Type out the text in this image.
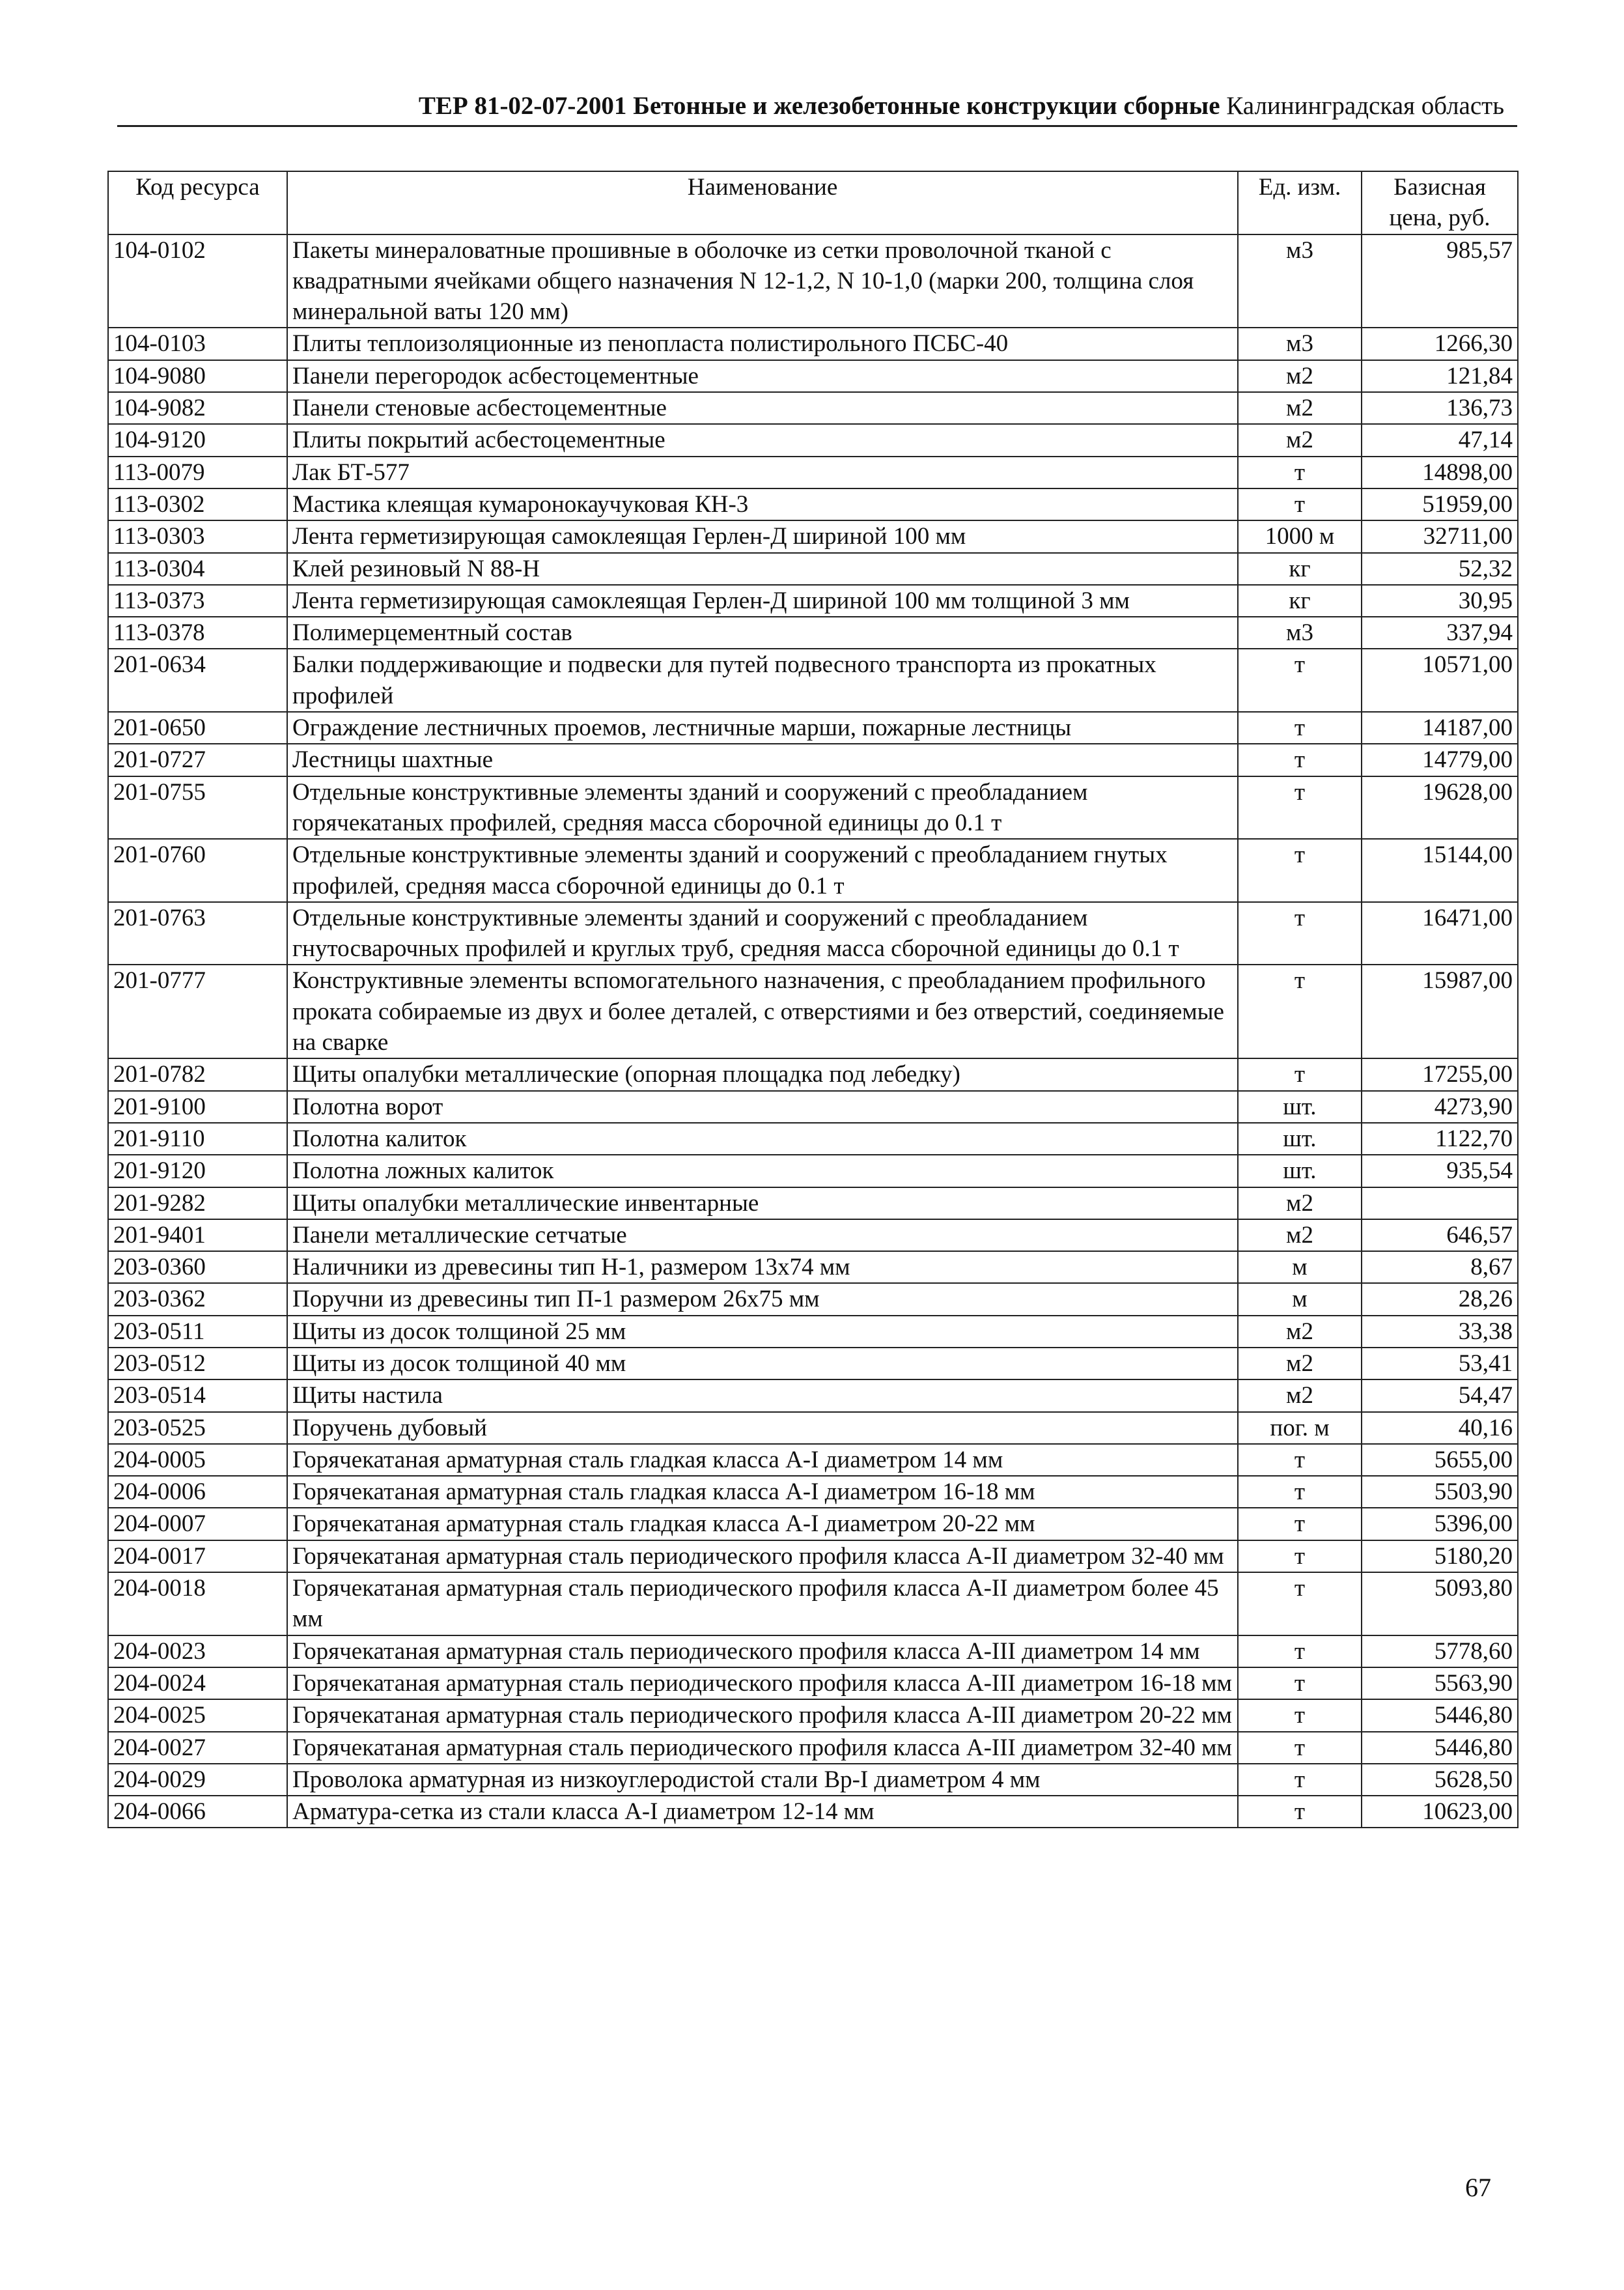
ТЕР 81-02-07-2001 Бетонные и железобетонные конструкции сборные Калининградская область
Код ресурса	Наименование	Ед. изм.	Базисная цена, руб.
104-0102	Пакеты минераловатные прошивные в оболочке из сетки проволочной тканой с квадратными ячейками общего назначения N 12-1,2, N 10-1,0 (марки 200, толщина слоя минеральной ваты 120 мм)	м3	985,57
104-0103	Плиты теплоизоляционные из пенопласта полистирольного ПСБС-40	м3	1266,30
104-9080	Панели перегородок асбестоцементные	м2	121,84
104-9082	Панели стеновые асбестоцементные	м2	136,73
104-9120	Плиты покрытий асбестоцементные	м2	47,14
113-0079	Лак БТ-577	т	14898,00
113-0302	Мастика клеящая кумаронокаучуковая КН-3	т	51959,00
113-0303	Лента герметизирующая самоклеящая Герлен-Д шириной 100 мм	1000 м	32711,00
113-0304	Клей резиновый N 88-Н	кг	52,32
113-0373	Лента герметизирующая самоклеящая Герлен-Д шириной 100 мм толщиной 3 мм	кг	30,95
113-0378	Полимерцементный состав	м3	337,94
201-0634	Балки поддерживающие и подвески для путей подвесного транспорта из прокатных профилей	т	10571,00
201-0650	Ограждение лестничных проемов, лестничные марши, пожарные лестницы	т	14187,00
201-0727	Лестницы шахтные	т	14779,00
201-0755	Отдельные конструктивные элементы зданий и сооружений с преобладанием горячекатаных профилей, средняя масса сборочной единицы до 0.1 т	т	19628,00
201-0760	Отдельные конструктивные элементы зданий и сооружений с преобладанием гнутых профилей, средняя масса сборочной единицы до 0.1 т	т	15144,00
201-0763	Отдельные конструктивные элементы зданий и сооружений с преобладанием гнутосварочных профилей и круглых труб, средняя масса сборочной единицы до 0.1 т	т	16471,00
201-0777	Конструктивные элементы вспомогательного назначения, с преобладанием профильного проката собираемые из двух и более деталей, с отверстиями и без отверстий, соединяемые на сварке	т	15987,00
201-0782	Щиты опалубки металлические (опорная площадка под лебедку)	т	17255,00
201-9100	Полотна ворот	шт.	4273,90
201-9110	Полотна калиток	шт.	1122,70
201-9120	Полотна ложных калиток	шт.	935,54
201-9282	Щиты опалубки металлические инвентарные	м2	
201-9401	Панели металлические сетчатые	м2	646,57
203-0360	Наличники из древесины тип Н-1, размером 13х74 мм	м	8,67
203-0362	Поручни из древесины тип П-1 размером 26х75 мм	м	28,26
203-0511	Щиты из досок толщиной 25 мм	м2	33,38
203-0512	Щиты из досок толщиной 40 мм	м2	53,41
203-0514	Щиты настила	м2	54,47
203-0525	Поручень дубовый	пог. м	40,16
204-0005	Горячекатаная арматурная сталь гладкая класса А-I диаметром 14 мм	т	5655,00
204-0006	Горячекатаная арматурная сталь гладкая класса А-I диаметром 16-18 мм	т	5503,90
204-0007	Горячекатаная арматурная сталь гладкая класса А-I диаметром 20-22 мм	т	5396,00
204-0017	Горячекатаная арматурная сталь периодического профиля класса А-II диаметром 32-40 мм	т	5180,20
204-0018	Горячекатаная арматурная сталь периодического профиля класса А-II диаметром более 45 мм	т	5093,80
204-0023	Горячекатаная арматурная сталь периодического профиля класса А-III диаметром 14 мм	т	5778,60
204-0024	Горячекатаная арматурная сталь периодического профиля класса А-III диаметром 16-18 мм	т	5563,90
204-0025	Горячекатаная арматурная сталь периодического профиля класса А-III диаметром 20-22 мм	т	5446,80
204-0027	Горячекатаная арматурная сталь периодического профиля класса А-III диаметром 32-40 мм	т	5446,80
204-0029	Проволока арматурная из низкоуглеродистой стали Вр-I диаметром 4 мм	т	5628,50
204-0066	Арматура-сетка из стали класса А-I диаметром 12-14 мм	т	10623,00
67
